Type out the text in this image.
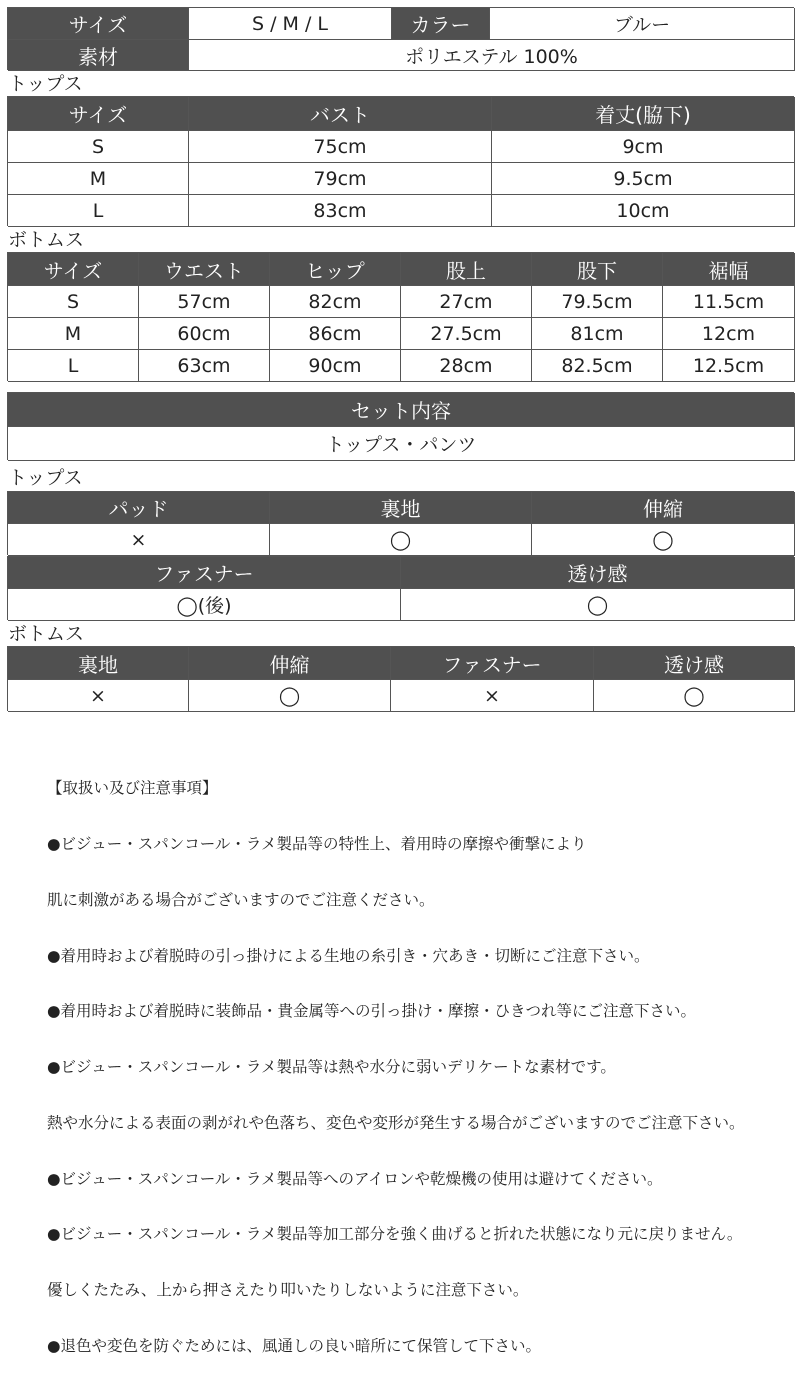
サイズ	S / M / L	カラー	ブルー
素材	ポリエステル 100%
トップス
サイズ	バスト	着丈(脇下)
S	75cm	9cm
M	79cm	9.5cm
L	83cm	10cm
ボトムス
サイズ	ウエスト	ヒップ	股上	股下	裾幅
S	57cm	82cm	27cm	79.5cm	11.5cm
M	60cm	86cm	27.5cm	81cm	12cm
L	63cm	90cm	28cm	82.5cm	12.5cm
セット内容
トップス・パンツ
トップス
パッド	裏地	伸縮
×	◯	◯
ファスナー	透け感
◯(後)	◯
ボトムス
裏地	伸縮	ファスナー	透け感
×	◯	×	◯

【取扱い及び注意事項】

●ビジュー・スパンコール・ラメ製品等の特性上、着用時の摩擦や衝撃により

肌に刺激がある場合がございますのでご注意ください。

●着用時および着脱時の引っ掛けによる生地の糸引き・穴あき・切断にご注意下さい。

●着用時および着脱時に装飾品・貴金属等への引っ掛け・摩擦・ひきつれ等にご注意下さい。

●ビジュー・スパンコール・ラメ製品等は熱や水分に弱いデリケートな素材です。

熱や水分による表面の剥がれや色落ち、変色や変形が発生する場合がございますのでご注意下さい。

●ビジュー・スパンコール・ラメ製品等へのアイロンや乾燥機の使用は避けてください。

●ビジュー・スパンコール・ラメ製品等加工部分を強く曲げると折れた状態になり元に戻りません。

優しくたたみ、上から押さえたり叩いたりしないように注意下さい。

●退色や変色を防ぐためには、風通しの良い暗所にて保管して下さい。
